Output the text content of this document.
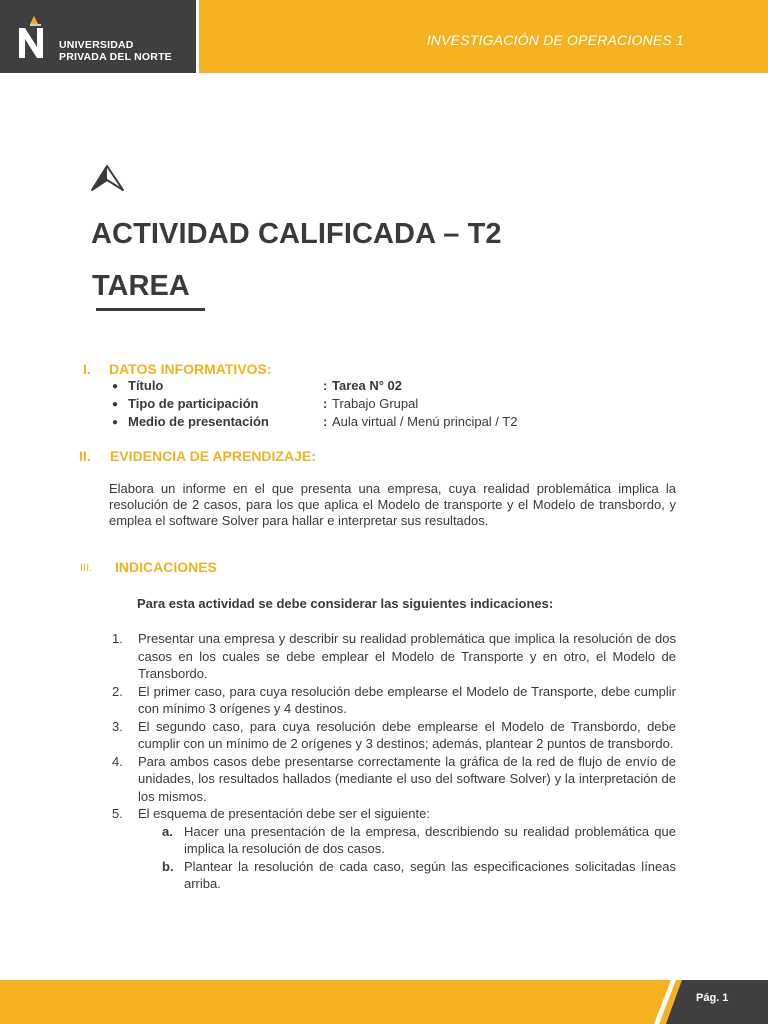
UNIVERSIDAD
PRIVADA DEL NORTE
INVESTIGACIÓN DE OPERACIONES 1
ACTIVIDAD CALIFICADA – T2
TAREA
I. DATOS INFORMATIVOS:
● Título	: Tarea N° 02
● Tipo de participación	: Trabajo Grupal
● Medio de presentación	: Aula virtual / Menú principal / T2
II. EVIDENCIA DE APRENDIZAJE:
Elabora un informe en el que presenta una empresa, cuya realidad problemática implica la resolución de 2 casos, para los que aplica el Modelo de transporte y el Modelo de transbordo, y emplea el software Solver para hallar e interpretar sus resultados.
III. INDICACIONES
Para esta actividad se debe considerar las siguientes indicaciones:
1. Presentar una empresa y describir su realidad problemática que implica la resolución de dos casos en los cuales se debe emplear el Modelo de Transporte y en otro, el Modelo de Transbordo.
2. El primer caso, para cuya resolución debe emplearse el Modelo de Transporte, debe cumplir con mínimo 3 orígenes y 4 destinos.
3. El segundo caso, para cuya resolución debe emplearse el Modelo de Transbordo, debe cumplir con un mínimo de 2 orígenes y 3 destinos; además, plantear 2 puntos de transbordo.
4. Para ambos casos debe presentarse correctamente la gráfica de la red de flujo de envío de unidades, los resultados hallados (mediante el uso del software Solver) y la interpretación de los mismos.
5. El esquema de presentación debe ser el siguiente:
a. Hacer una presentación de la empresa, describiendo su realidad problemática que implica la resolución de dos casos.
b. Plantear la resolución de cada caso, según las especificaciones solicitadas líneas arriba.
Pág. 1
